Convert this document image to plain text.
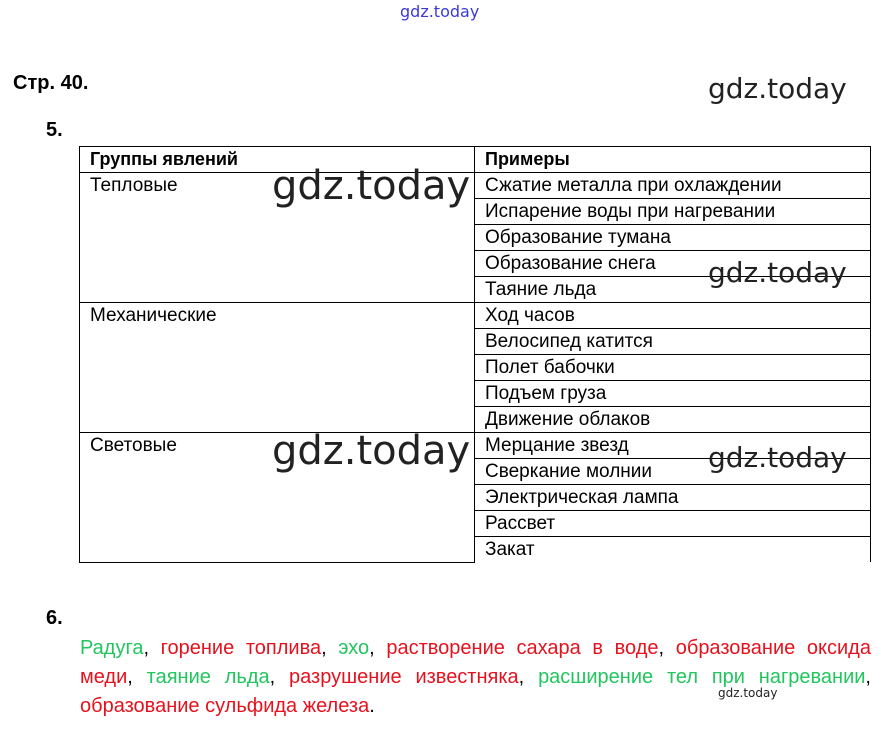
gdz.today
Стр. 40.	gdz.today
5.
Группы явлений	Примеры
Тепловые	Сжатие металла при охлаждении
	Испарение воды при нагревании
	Образование тумана
	Образование снега
	Таяние льда
Механические	Ход часов
	Велосипед катится
	Полет бабочки
	Подъем груза
	Движение облаков
Световые	Мерцание звезд
	Сверкание молнии
	Электрическая лампа
	Рассвет
	Закат
gdz.today
gdz.today
gdz.today	gdz.today
6.
Радуга, горение топлива, эхо, растворение сахара в воде, образование оксида меди, таяние льда, разрушение известняка, расширение тел при нагревании, образование сульфида железа.
gdz.today
